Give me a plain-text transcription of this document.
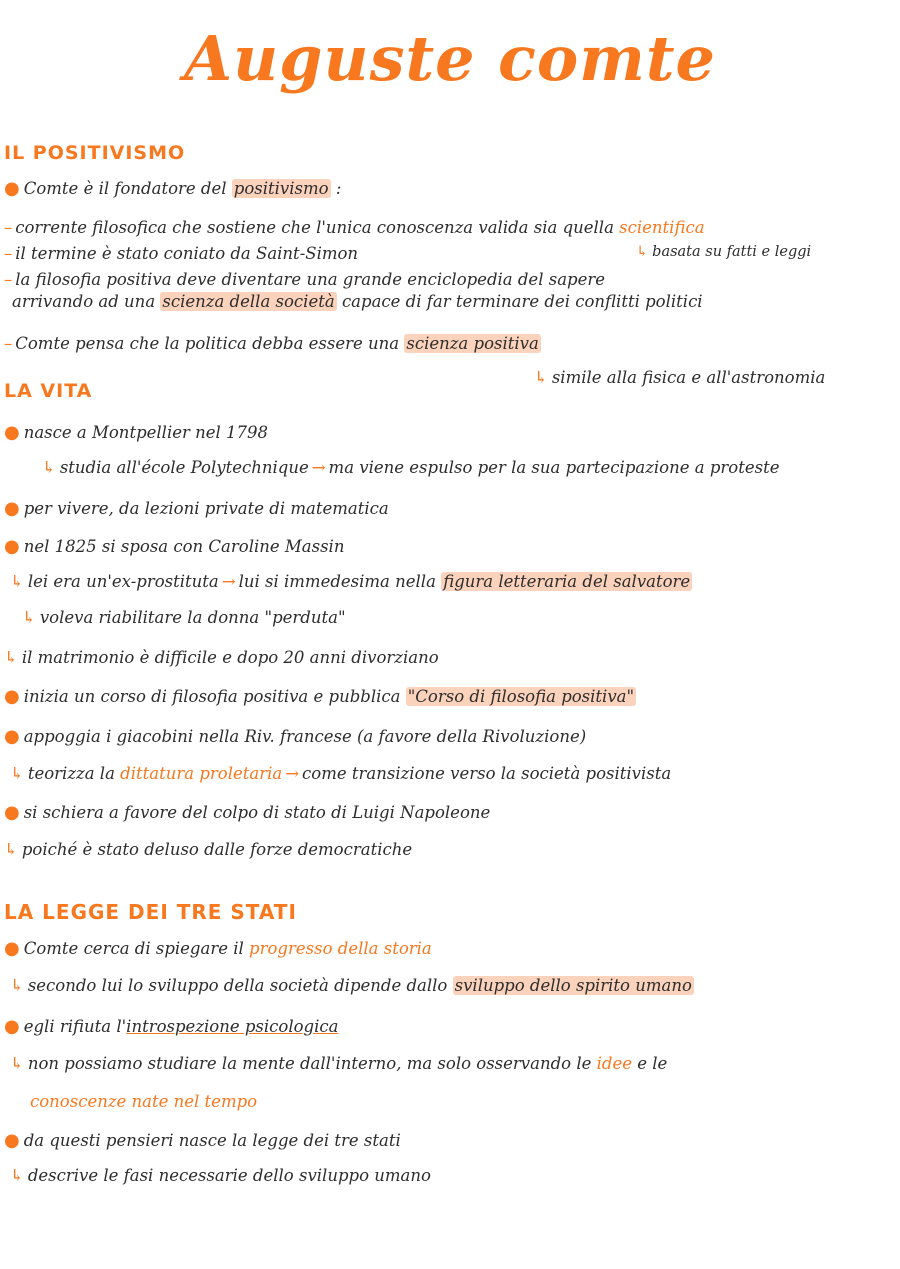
Auguste comte
IL POSITIVISMO
● Comte è il fondatore del positivismo :
– corrente filosofica che sostiene che l'unica conoscenza valida sia quella scientifica
– il termine è stato coniato da Saint-Simon	↳ basata su fatti e leggi
– la filosofia positiva deve diventare una grande enciclopedia del sapere
arrivando ad una scienza della società capace di far terminare dei conflitti politici
– Comte pensa che la politica debba essere una scienza positiva
↳ simile alla fisica e all'astronomia
LA VITA
● nasce a Montpellier nel 1798
↳ studia all'école Polytechnique → ma viene espulso per la sua partecipazione a proteste
● per vivere, da lezioni private di matematica
● nel 1825 si sposa con Caroline Massin
↳ lei era un'ex-prostituta → lui si immedesima nella figura letteraria del salvatore
↳ voleva riabilitare la donna "perduta"
↳ il matrimonio è difficile e dopo 20 anni divorziano
● inizia un corso di filosofia positiva e pubblica "Corso di filosofia positiva"
● appoggia i giacobini nella Riv. francese (a favore della Rivoluzione)
↳ teorizza la dittatura proletaria → come transizione verso la società positivista
● si schiera a favore del colpo di stato di Luigi Napoleone
↳ poiché è stato deluso dalle forze democratiche
LA LEGGE DEI TRE STATI
● Comte cerca di spiegare il progresso della storia
↳ secondo lui lo sviluppo della società dipende dallo sviluppo dello spirito umano
● egli rifiuta l'introspezione psicologica
↳ non possiamo studiare la mente dall'interno, ma solo osservando le idee e le
conoscenze nate nel tempo
● da questi pensieri nasce la legge dei tre stati
↳ descrive le fasi necessarie dello sviluppo umano
